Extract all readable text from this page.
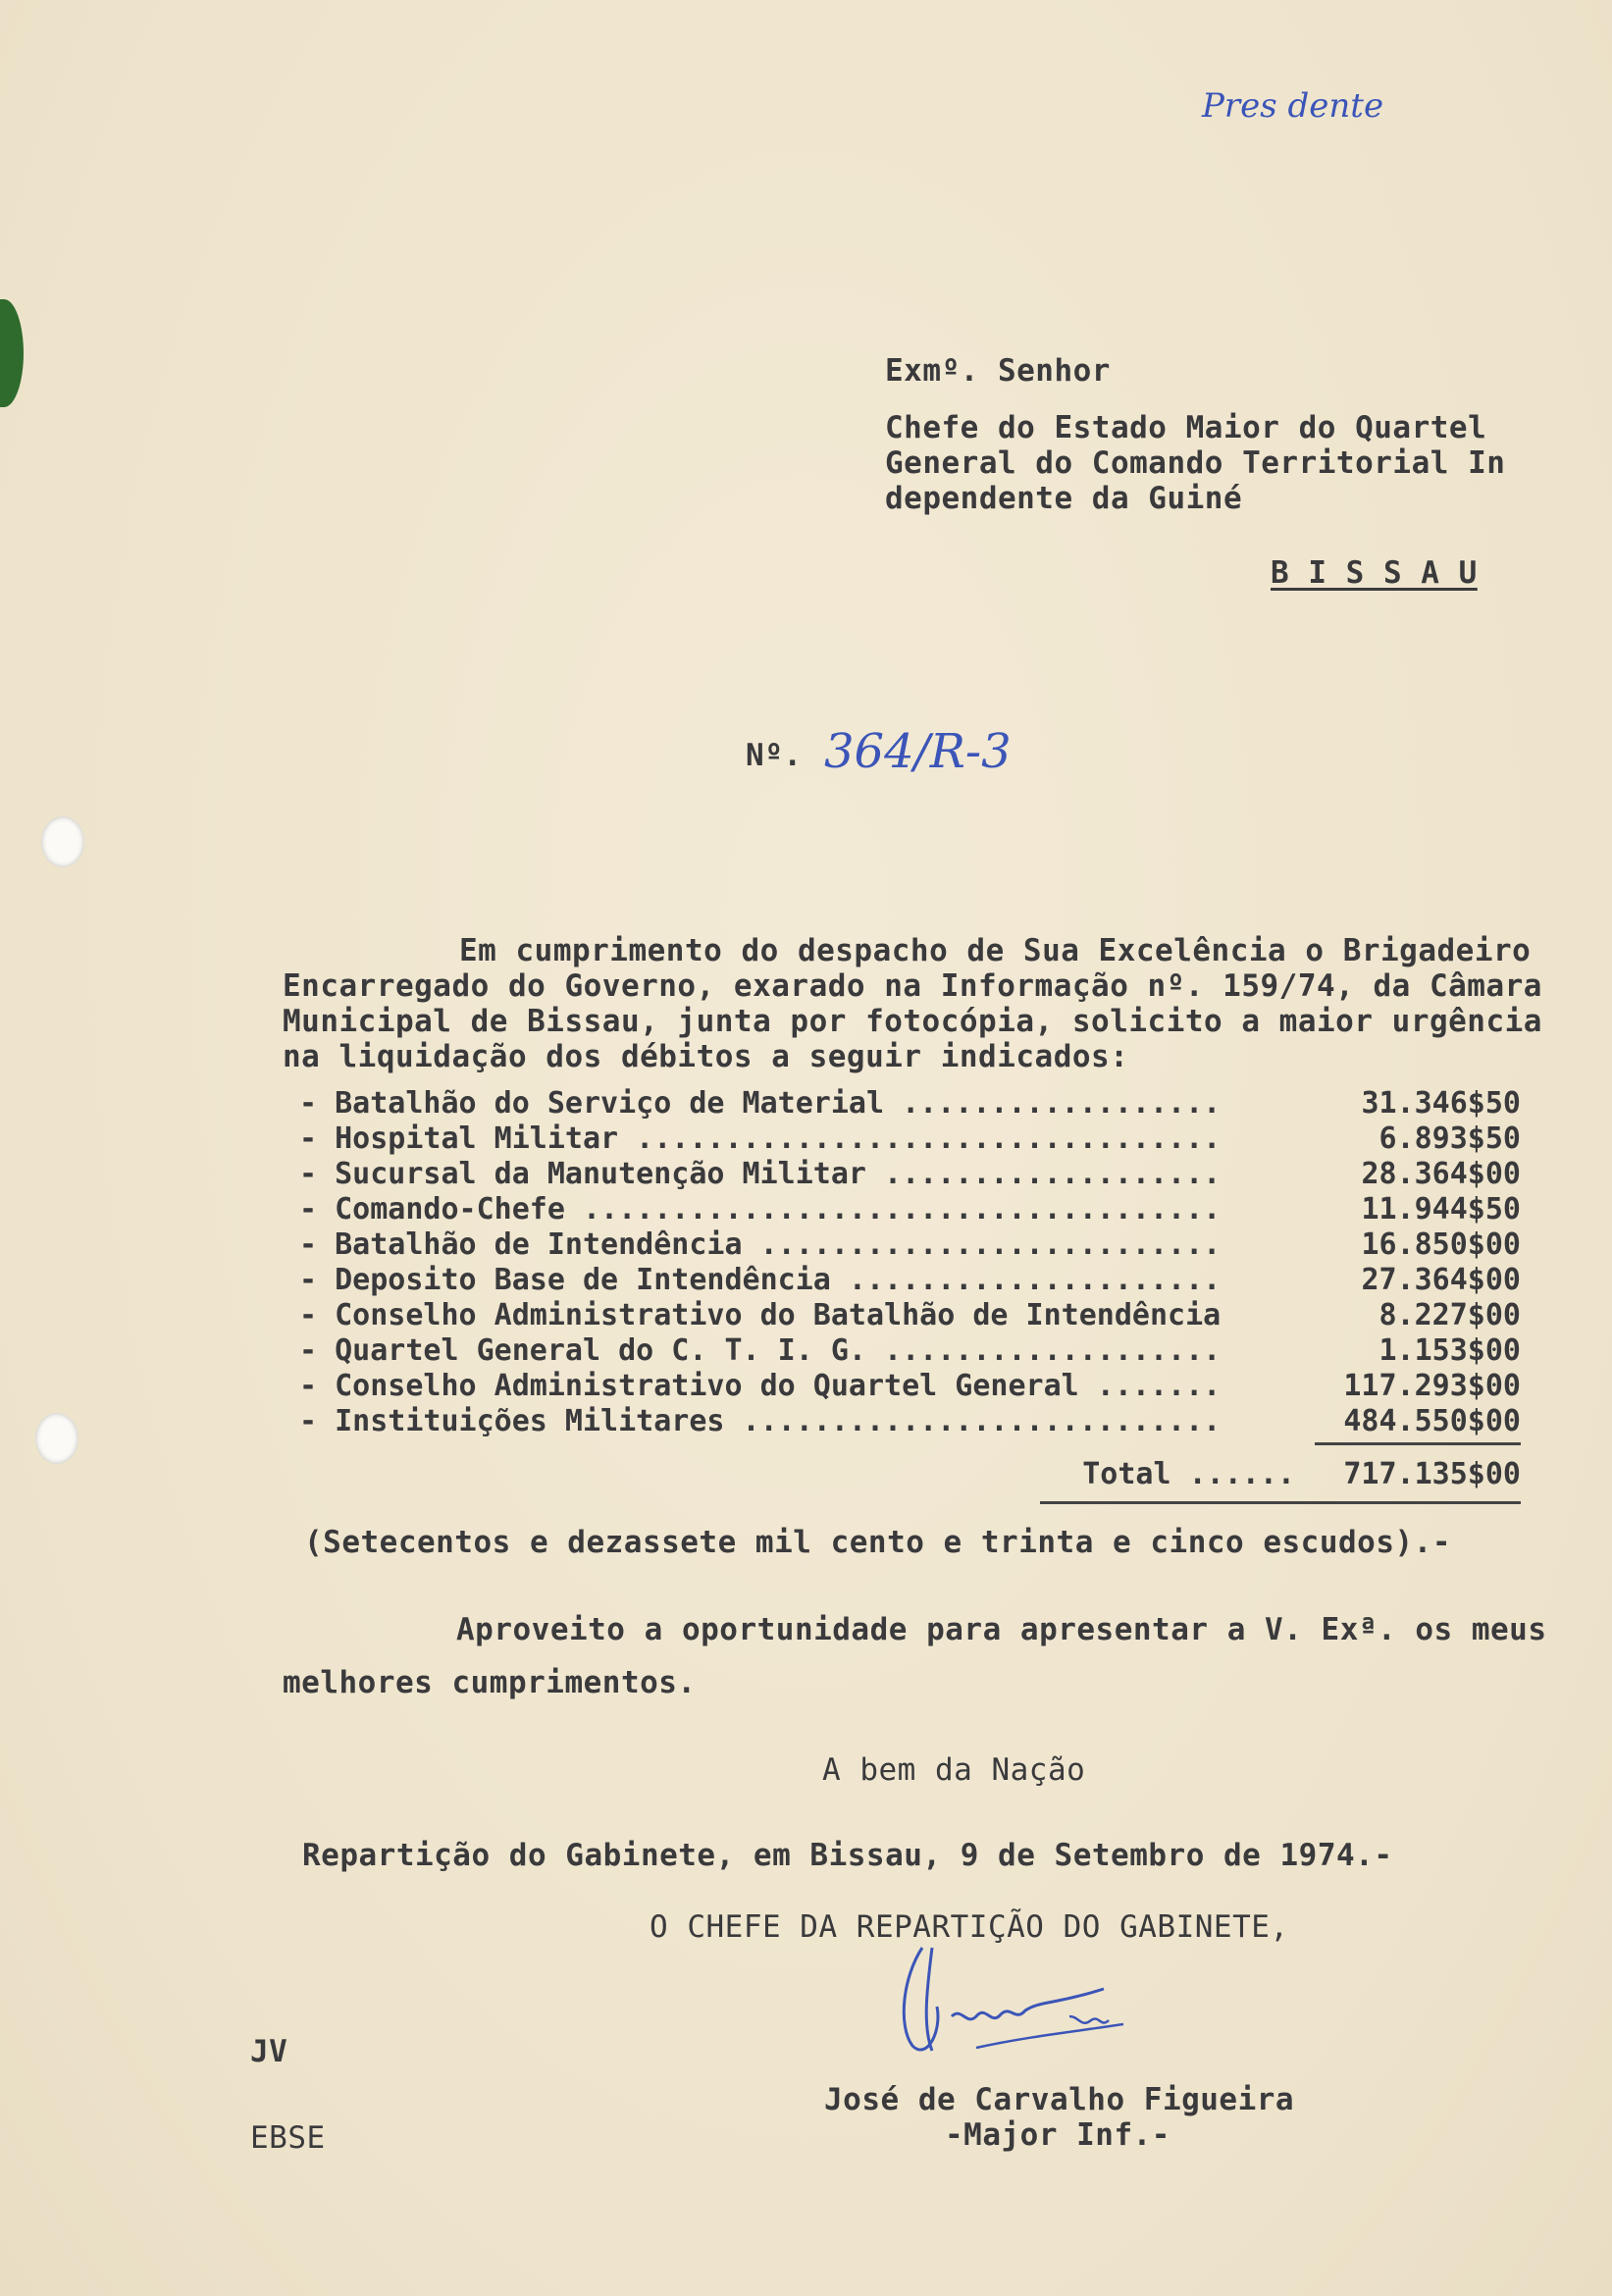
Pres dente
Exmº. Senhor
Chefe do Estado Maior do Quartel
General do Comando Territorial In
dependente da Guiné
B I S S A U
Nº. 364/R-3
Em cumprimento do despacho de Sua Excelência o Brigadeiro
Encarregado do Governo, exarado na Informação nº. 159/74, da Câmara
Municipal de Bissau, junta por fotocópia, solicito a maior urgência
na liquidação dos débitos a seguir indicados:
- Batalhão do Serviço de Material ..................	31.346$50
- Hospital Militar .................................	6.893$50
- Sucursal da Manutenção Militar ...................	28.364$00
- Comando-Chefe ....................................	11.944$50
- Batalhão de Intendência ..........................	16.850$00
- Deposito Base de Intendência .....................	27.364$00
- Conselho Administrativo do Batalhão de Intendência	8.227$00
- Quartel General do C. T. I. G. ...................	1.153$00
- Conselho Administrativo do Quartel General .......	117.293$00
- Instituições Militares ...........................	484.550$00
Total ...... 717.135$00
(Setecentos e dezassete mil cento e trinta e cinco escudos).-
Aproveito a oportunidade para apresentar a V. Exª. os meus
melhores cumprimentos.
A bem da Nação
Repartição do Gabinete, em Bissau, 9 de Setembro de 1974.-
O CHEFE DA REPARTIÇÃO DO GABINETE,
José de Carvalho Figueira
-Major Inf.-
JV
EBSE
